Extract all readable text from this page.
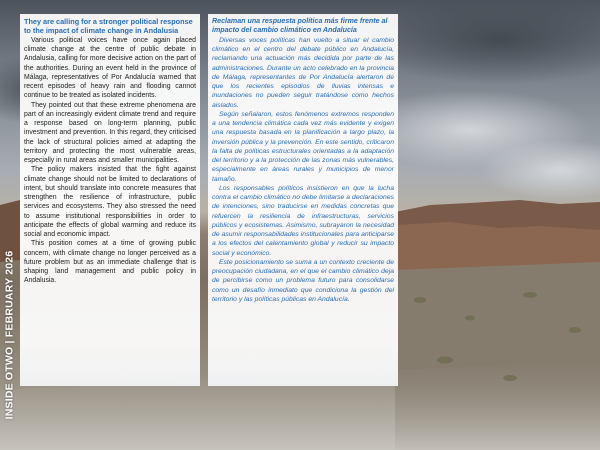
INSIDE OTWO | FEBRUARY 2026
They are calling for a stronger political response to the impact of climate change in Andalusia

Various political voices have once again placed climate change at the centre of public debate in Andalusia, calling for more decisive action on the part of the authorities. During an event held in the province of Málaga, representatives of Por Andalucía warned that recent episodes of heavy rain and flooding cannot continue to be treated as isolated incidents.

They pointed out that these extreme phenomena are part of an increasingly evident climate trend and require a response based on long-term planning, public investment and prevention. In this regard, they criticised the lack of structural policies aimed at adapting the territory and protecting the most vulnerable areas, especially in rural areas and smaller municipalities.

The policy makers insisted that the fight against climate change should not be limited to declarations of intent, but should translate into concrete measures that strengthen the resilience of infrastructure, public services and ecosystems. They also stressed the need to assume institutional responsibilities in order to anticipate the effects of global warming and reduce its social and economic impact.

This position comes at a time of growing public concern, with climate change no longer perceived as a future problem but as an immediate challenge that is shaping land management and public policy in Andalusia.

Reclaman una respuesta política más firme frente al impacto del cambio climático en Andalucía

Diversas voces políticas han vuelto a situar el cambio climático en el centro del debate público en Andalucía, reclamando una actuación más decidida por parte de las administraciones. Durante un acto celebrado en la provincia de Málaga, representantes de Por Andalucía alertaron de que los recientes episodios de lluvias intensas e inundaciones no pueden seguir tratándose como hechos aislados.

Según señalaron, estos fenómenos extremos responden a una tendencia climática cada vez más evidente y exigen una respuesta basada en la planificación a largo plazo, la inversión pública y la prevención. En este sentido, criticaron la falta de políticas estructurales orientadas a la adaptación del territorio y a la protección de las zonas más vulnerables, especialmente en áreas rurales y municipios de menor tamaño.

Los responsables políticos insistieron en que la lucha contra el cambio climático no debe limitarse a declaraciones de intenciones, sino traducirse en medidas concretas que refuercen la resiliencia de infraestructuras, servicios públicos y ecosistemas. Asimismo, subrayaron la necesidad de asumir responsabilidades institucionales para anticiparse a los efectos del calentamiento global y reducir su impacto social y económico.

Este posicionamiento se suma a un contexto creciente de preocupación ciudadana, en el que el cambio climático deja de percibirse como un problema futuro para consolidarse como un desafío inmediato que condiciona la gestión del territorio y las políticas públicas en Andalucía.
